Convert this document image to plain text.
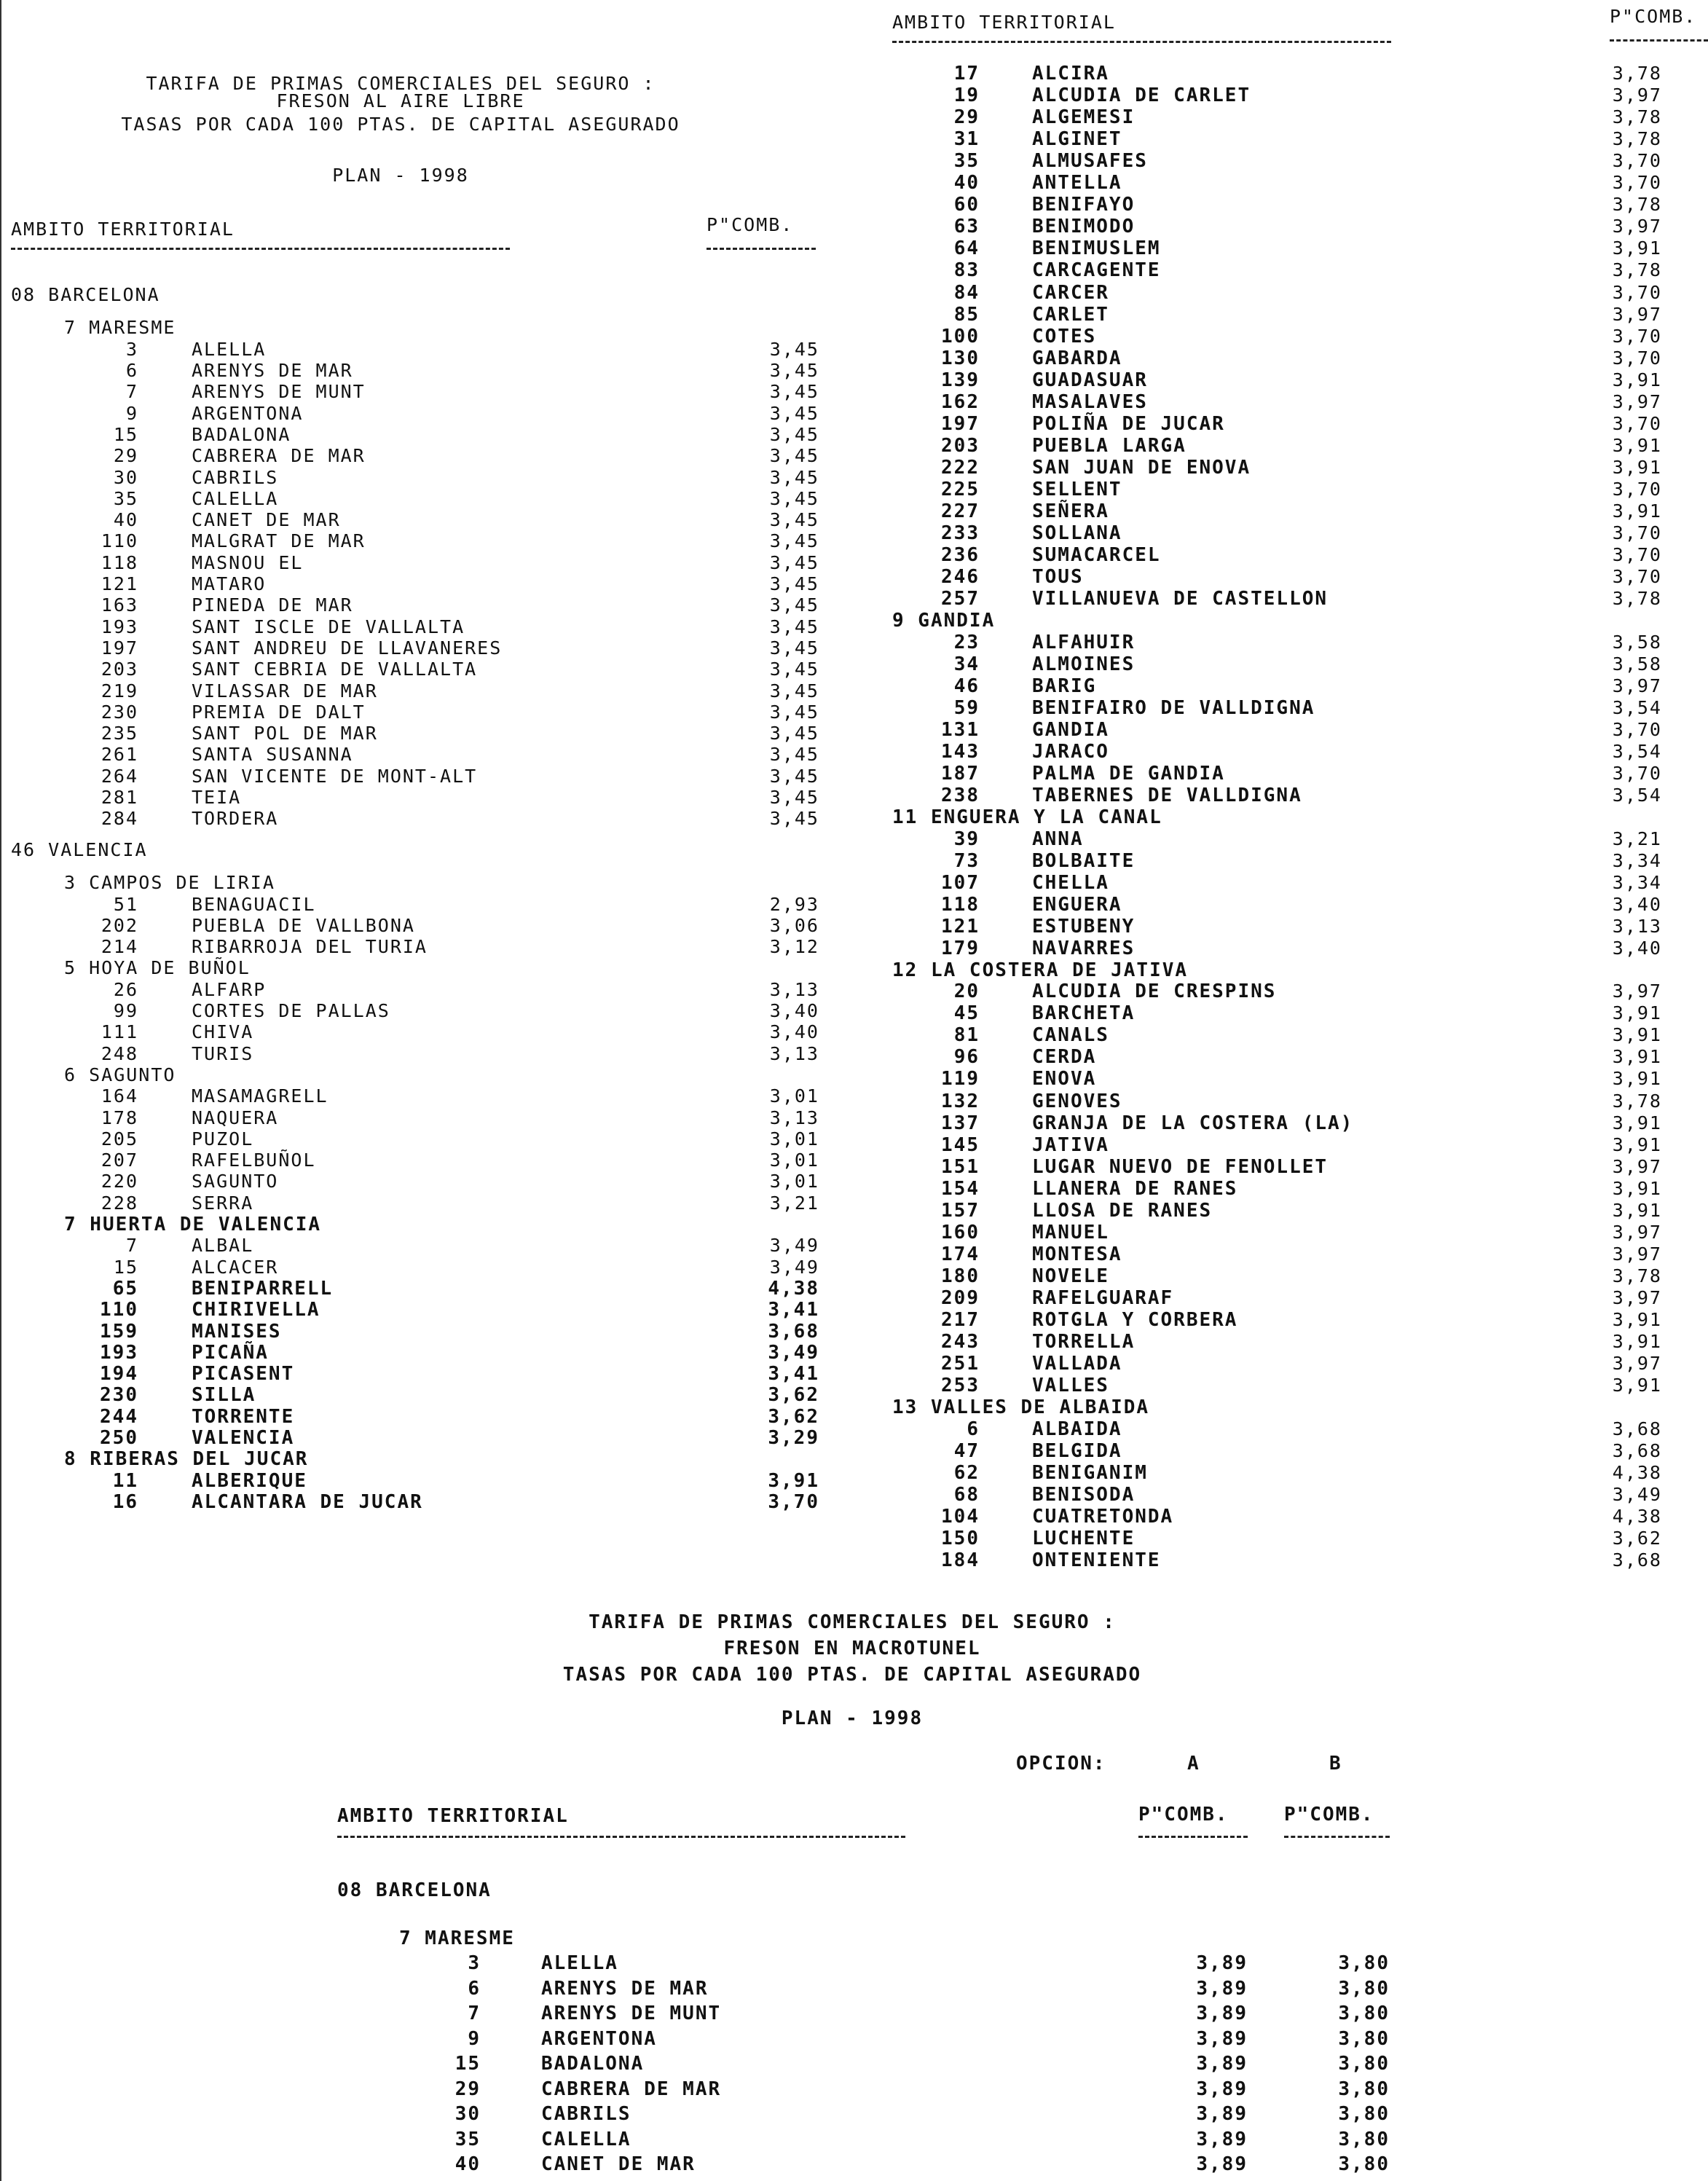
TARIFA DE PRIMAS COMERCIALES DEL SEGURO :
FRESON AL AIRE LIBRE
TASAS POR CADA 100 PTAS. DE CAPITAL ASEGURADO
PLAN - 1998
AMBITO TERRITORIAL	P"COMB.
08 BARCELONA
7 MARESME
3	ALELLA	3,45
6	ARENYS DE MAR	3,45
7	ARENYS DE MUNT	3,45
9	ARGENTONA	3,45
15	BADALONA	3,45
29	CABRERA DE MAR	3,45
30	CABRILS	3,45
35	CALELLA	3,45
40	CANET DE MAR	3,45
110	MALGRAT DE MAR	3,45
118	MASNOU EL	3,45
121	MATARO	3,45
163	PINEDA DE MAR	3,45
193	SANT ISCLE DE VALLALTA	3,45
197	SANT ANDREU DE LLAVANERES	3,45
203	SANT CEBRIA DE VALLALTA	3,45
219	VILASSAR DE MAR	3,45
230	PREMIA DE DALT	3,45
235	SANT POL DE MAR	3,45
261	SANTA SUSANNA	3,45
264	SAN VICENTE DE MONT-ALT	3,45
281	TEIA	3,45
284	TORDERA	3,45
46 VALENCIA
3 CAMPOS DE LIRIA
51	BENAGUACIL	2,93
202	PUEBLA DE VALLBONA	3,06
214	RIBARROJA DEL TURIA	3,12
5 HOYA DE BUÑOL
26	ALFARP	3,13
99	CORTES DE PALLAS	3,40
111	CHIVA	3,40
248	TURIS	3,13
6 SAGUNTO
164	MASAMAGRELL	3,01
178	NAQUERA	3,13
205	PUZOL	3,01
207	RAFELBUÑOL	3,01
220	SAGUNTO	3,01
228	SERRA	3,21
7 HUERTA DE VALENCIA
7	ALBAL	3,49
15	ALCACER	3,49
65	BENIPARRELL	4,38
110	CHIRIVELLA	3,41
159	MANISES	3,68
193	PICAÑA	3,49
194	PICASENT	3,41
230	SILLA	3,62
244	TORRENTE	3,62
250	VALENCIA	3,29
8 RIBERAS DEL JUCAR
11	ALBERIQUE	3,91
16	ALCANTARA DE JUCAR	3,70
AMBITO TERRITORIAL	P"COMB.
17	ALCIRA	3,78
19	ALCUDIA DE CARLET	3,97
29	ALGEMESI	3,78
31	ALGINET	3,78
35	ALMUSAFES	3,70
40	ANTELLA	3,70
60	BENIFAYO	3,78
63	BENIMODO	3,97
64	BENIMUSLEM	3,91
83	CARCAGENTE	3,78
84	CARCER	3,70
85	CARLET	3,97
100	COTES	3,70
130	GABARDA	3,70
139	GUADASUAR	3,91
162	MASALAVES	3,97
197	POLIÑA DE JUCAR	3,70
203	PUEBLA LARGA	3,91
222	SAN JUAN DE ENOVA	3,91
225	SELLENT	3,70
227	SEÑERA	3,91
233	SOLLANA	3,70
236	SUMACARCEL	3,70
246	TOUS	3,70
257	VILLANUEVA DE CASTELLON	3,78
9 GANDIA
23	ALFAHUIR	3,58
34	ALMOINES	3,58
46	BARIG	3,97
59	BENIFAIRO DE VALLDIGNA	3,54
131	GANDIA	3,70
143	JARACO	3,54
187	PALMA DE GANDIA	3,70
238	TABERNES DE VALLDIGNA	3,54
11 ENGUERA Y LA CANAL
39	ANNA	3,21
73	BOLBAITE	3,34
107	CHELLA	3,34
118	ENGUERA	3,40
121	ESTUBENY	3,13
179	NAVARRES	3,40
12 LA COSTERA DE JATIVA
20	ALCUDIA DE CRESPINS	3,97
45	BARCHETA	3,91
81	CANALS	3,91
96	CERDA	3,91
119	ENOVA	3,91
132	GENOVES	3,78
137	GRANJA DE LA COSTERA (LA)	3,91
145	JATIVA	3,91
151	LUGAR NUEVO DE FENOLLET	3,97
154	LLANERA DE RANES	3,91
157	LLOSA DE RANES	3,91
160	MANUEL	3,97
174	MONTESA	3,97
180	NOVELE	3,78
209	RAFELGUARAF	3,97
217	ROTGLA Y CORBERA	3,91
243	TORRELLA	3,91
251	VALLADA	3,97
253	VALLES	3,91
13 VALLES DE ALBAIDA
6	ALBAIDA	3,68
47	BELGIDA	3,68
62	BENIGANIM	4,38
68	BENISODA	3,49
104	CUATRETONDA	4,38
150	LUCHENTE	3,62
184	ONTENIENTE	3,68
TARIFA DE PRIMAS COMERCIALES DEL SEGURO :
FRESON EN MACROTUNEL
TASAS POR CADA 100 PTAS. DE CAPITAL ASEGURADO
PLAN - 1998
OPCION:	A	B
AMBITO TERRITORIAL	P"COMB.	P"COMB.
08 BARCELONA
7 MARESME
3	ALELLA	3,89	3,80
6	ARENYS DE MAR	3,89	3,80
7	ARENYS DE MUNT	3,89	3,80
9	ARGENTONA	3,89	3,80
15	BADALONA	3,89	3,80
29	CABRERA DE MAR	3,89	3,80
30	CABRILS	3,89	3,80
35	CALELLA	3,89	3,80
40	CANET DE MAR	3,89	3,80
